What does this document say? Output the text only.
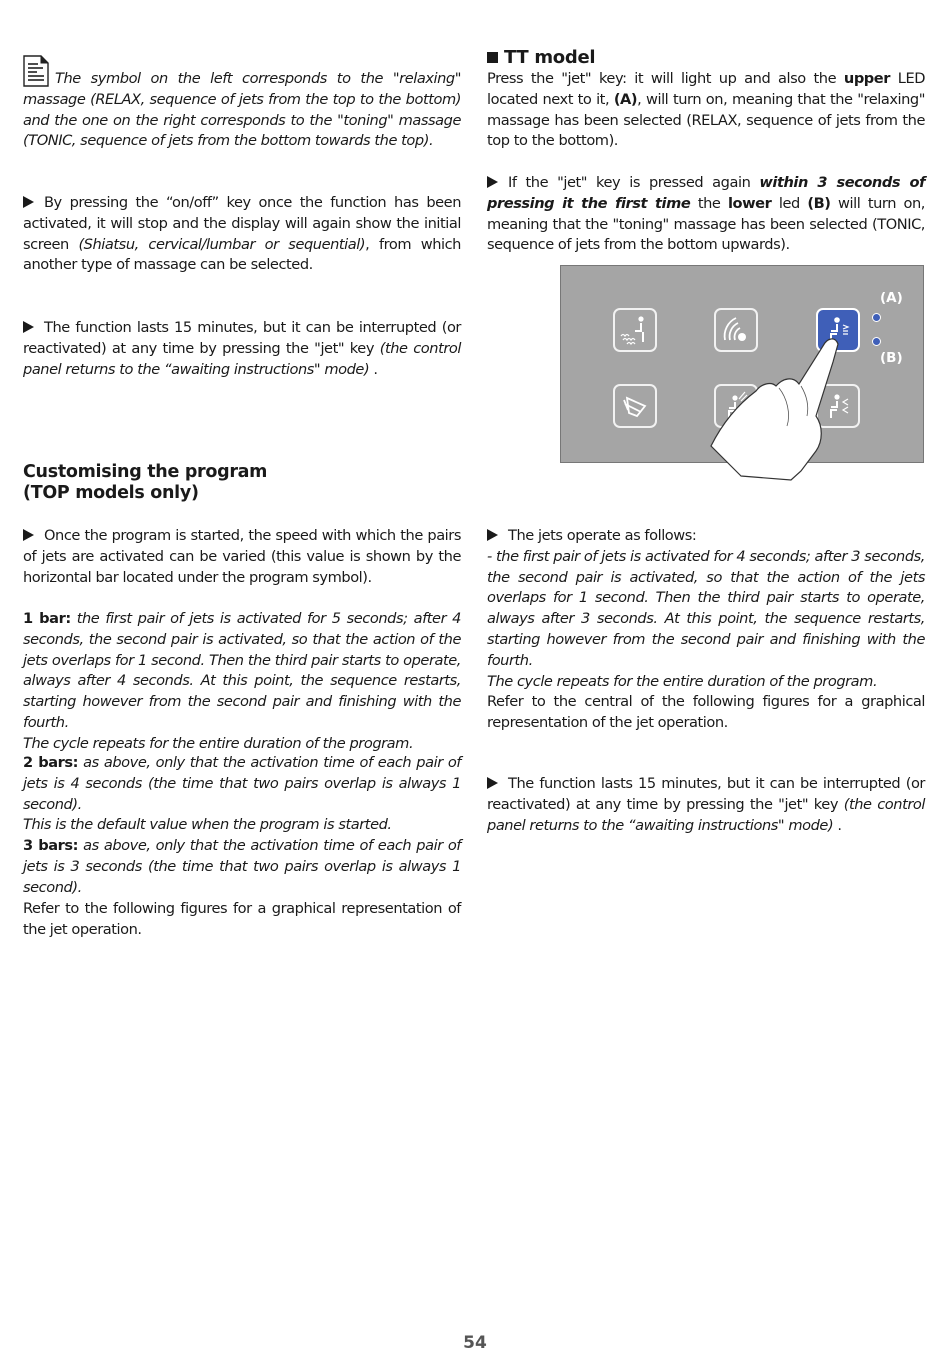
The symbol on the left corresponds to the "relaxing" massage (RELAX, sequence of jets from the top to the bottom) and the one on the right corresponds to the "toning" massage (TONIC, sequence of jets from the bottom towards the top).

By pressing the “on/off” key once the function has been activated, it will stop and the display will again show the initial screen (Shiatsu, cervical/lumbar or sequential), from which another type of massage can be selected.

The function lasts 15 minutes, but it can be interrupted (or reactivated) at any time by pressing the "jet" key (the control panel returns to the “awaiting instructions" mode) .

Customising the program
(TOP models only)

Once the program is started, the speed with which the pairs of jets are activated can be varied (this value is shown by the horizontal bar located under the program symbol).

1 bar: the first pair of jets is activated for 5 seconds; after 4 seconds, the second pair is activated, so that the action of the jets overlaps for 1 second. Then the third pair starts to operate, always after 4 seconds. At this point, the sequence restarts, starting however from the second pair and finishing with the fourth.
The cycle repeats for the entire duration of the program.

2 bars: as above, only that the activation time of each pair of jets is 4 seconds (the time that two pairs overlap is always 1 second).
This is the default value when the program is started.

3 bars: as above, only that the activation time of each pair of jets is 3 seconds (the time that two pairs overlap is always 1 second).

Refer to the following figures for a graphical representation of the jet operation.

TT model

Press the "jet" key: it will light up and also the upper LED located next to it, (A), will turn on, meaning that the "relaxing" massage has been selected (RELAX, sequence of jets from the top to the bottom).

If the "jet" key is pressed again within 3 seconds of pressing it the first time the lower led (B) will turn on, meaning that the "toning" massage has been selected (TONIC, sequence of jets from the bottom upwards).

The jets operate as follows:
- the first pair of jets is activated for 4 seconds; after 3 seconds, the second pair is activated, so that the action of the jets overlaps for 1 second. Then the third pair starts to operate, always after 3 seconds. At this point, the sequence restarts, starting however from the second pair and finishing with the fourth.
The cycle repeats for the entire duration of the program.

Refer to the central of the following figures for a graphical representation of the jet operation.

The function lasts 15 minutes, but it can be interrupted (or reactivated) at any time by pressing the "jet" key (the control panel returns to the “awaiting instructions" mode) .

(A)
(B)
54
